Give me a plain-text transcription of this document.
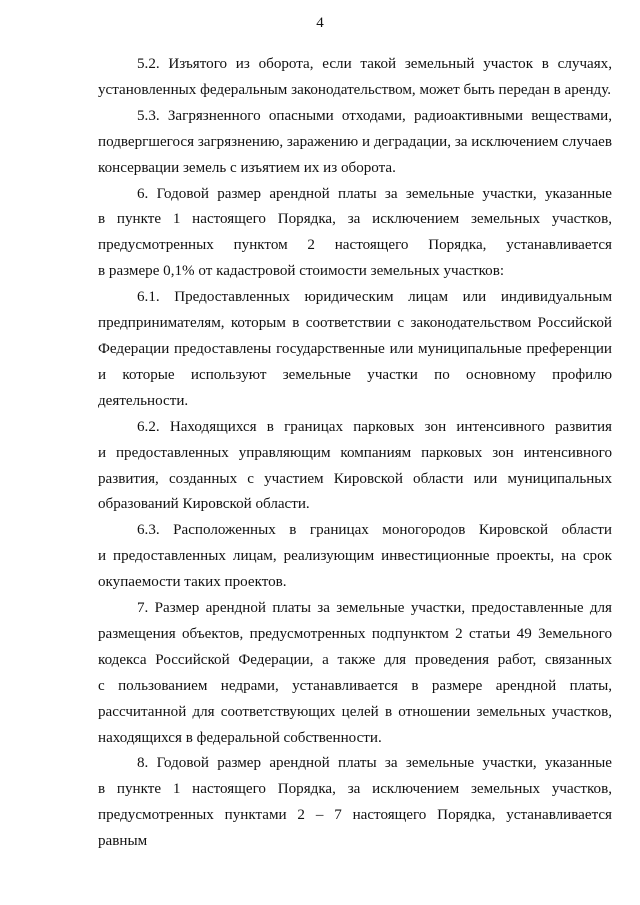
4

5.2. Изъятого из оборота, если такой земельный участок в случаях,
установленных федеральным законодательством, может быть передан в аренду.

5.3. Загрязненного опасными отходами, радиоактивными веществами,
подвергшегося загрязнению, заражению и деградации, за исключением случаев
консервации земель с изъятием их из оборота.

6. Годовой размер арендной платы за земельные участки, указанные
в пункте 1 настоящего Порядка, за исключением земельных участков,
предусмотренных пунктом 2 настоящего Порядка, устанавливается
в размере 0,1% от кадастровой стоимости земельных участков:

6.1. Предоставленных юридическим лицам или индивидуальным
предпринимателям, которым в соответствии с законодательством Российской
Федерации предоставлены государственные или муниципальные преференции
и которые используют земельные участки по основному профилю
деятельности.

6.2. Находящихся в границах парковых зон интенсивного развития
и предоставленных управляющим компаниям парковых зон интенсивного
развития, созданных с участием Кировской области или муниципальных
образований Кировской области.

6.3. Расположенных в границах моногородов Кировской области
и предоставленных лицам, реализующим инвестиционные проекты, на срок
окупаемости таких проектов.

7. Размер арендной платы за земельные участки, предоставленные для
размещения объектов, предусмотренных подпунктом 2 статьи 49 Земельного
кодекса Российской Федерации, а также для проведения работ, связанных
с пользованием недрами, устанавливается в размере арендной платы,
рассчитанной для соответствующих целей в отношении земельных участков,
находящихся в федеральной собственности.

8. Годовой размер арендной платы за земельные участки, указанные
в пункте 1 настоящего Порядка, за исключением земельных участков,
предусмотренных пунктами 2 – 7 настоящего Порядка, устанавливается равным
